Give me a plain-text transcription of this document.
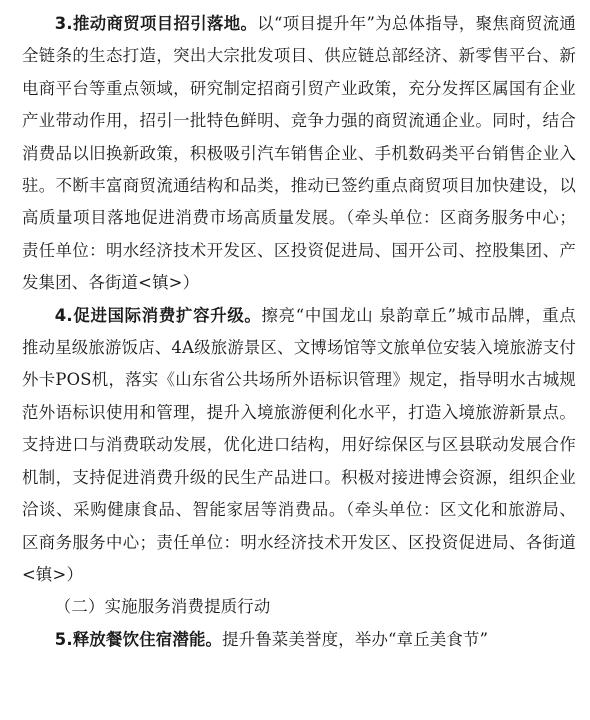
3.推动商贸项目招引落地。以“项目提升年”为总体指导，聚焦商贸流通全链条的生态打造，突出大宗批发项目、供应链总部经济、新零售平台、新电商平台等重点领域，研究制定招商引贸产业政策，充分发挥区属国有企业产业带动作用，招引一批特色鲜明、竞争力强的商贸流通企业。同时，结合消费品以旧换新政策，积极吸引汽车销售企业、手机数码类平台销售企业入驻。不断丰富商贸流通结构和品类，推动已签约重点商贸项目加快建设，以高质量项目落地促进消费市场高质量发展。（牵头单位：区商务服务中心；责任单位：明水经济技术开发区、区投资促进局、国开公司、控股集团、产发集团、各街道<镇>）

4.促进国际消费扩容升级。擦亮“中国龙山 泉韵章丘”城市品牌，重点推动星级旅游饭店、4A级旅游景区、文博场馆等文旅单位安装入境旅游支付外卡POS机，落实《山东省公共场所外语标识管理》规定，指导明水古城规范外语标识使用和管理，提升入境旅游便利化水平，打造入境旅游新景点。支持进口与消费联动发展，优化进口结构，用好综保区与区县联动发展合作机制，支持促进消费升级的民生产品进口。积极对接进博会资源，组织企业洽谈、采购健康食品、智能家居等消费品。（牵头单位：区文化和旅游局、区商务服务中心；责任单位：明水经济技术开发区、区投资促进局、各街道<镇>）

（二）实施服务消费提质行动

5.释放餐饮住宿潜能。提升鲁菜美誉度，举办“章丘美食节”
